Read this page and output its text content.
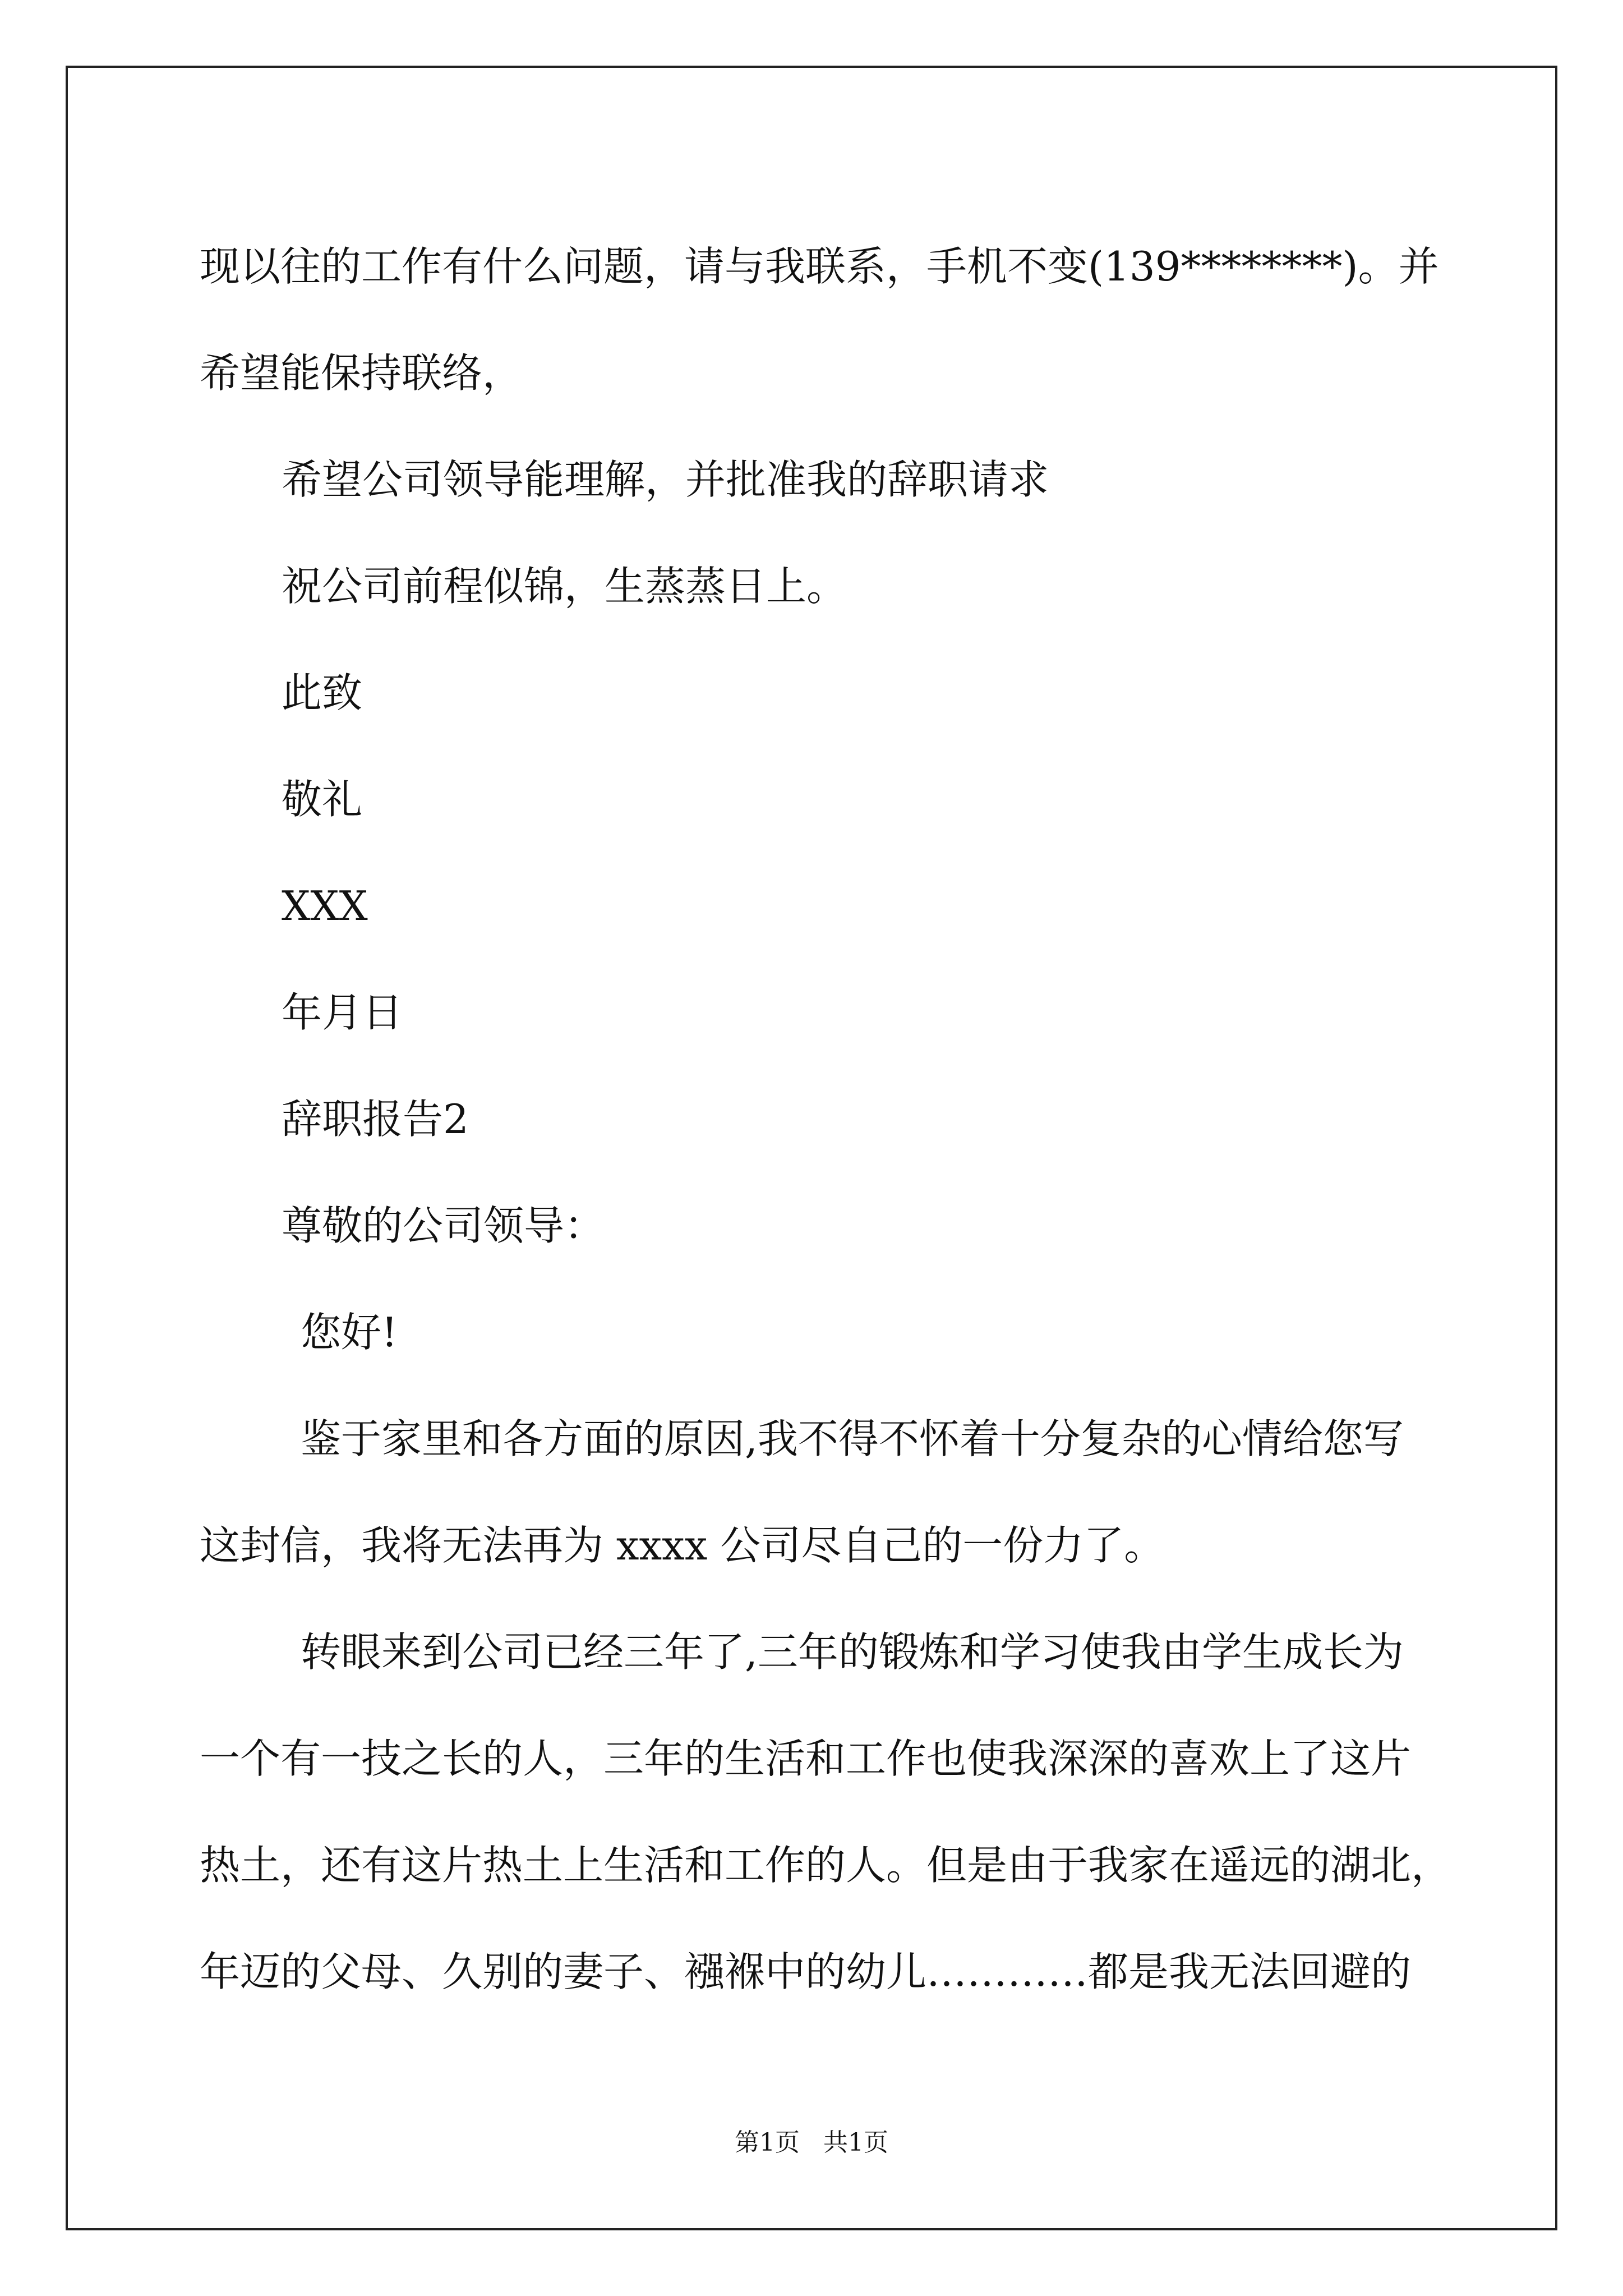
现以往的工作有什么问题，请与我联系，手机不变(139********)。并
希望能保持联络，
希望公司领导能理解，并批准我的辞职请求
祝公司前程似锦，生蒸蒸日上。
此致
敬礼
XXX
年月日
辞职报告2
尊敬的公司领导：
您好!
鉴于家里和各方面的原因,我不得不怀着十分复杂的心情给您写
这封信，我将无法再为 xxxx 公司尽自己的一份力了。
转眼来到公司已经三年了,三年的锻炼和学习使我由学生成长为
一个有一技之长的人，三年的生活和工作也使我深深的喜欢上了这片
热土，还有这片热土上生活和工作的人。但是由于我家在遥远的湖北，
年迈的父母、久别的妻子、襁褓中的幼儿…………都是我无法回避的
第1页 共1页
